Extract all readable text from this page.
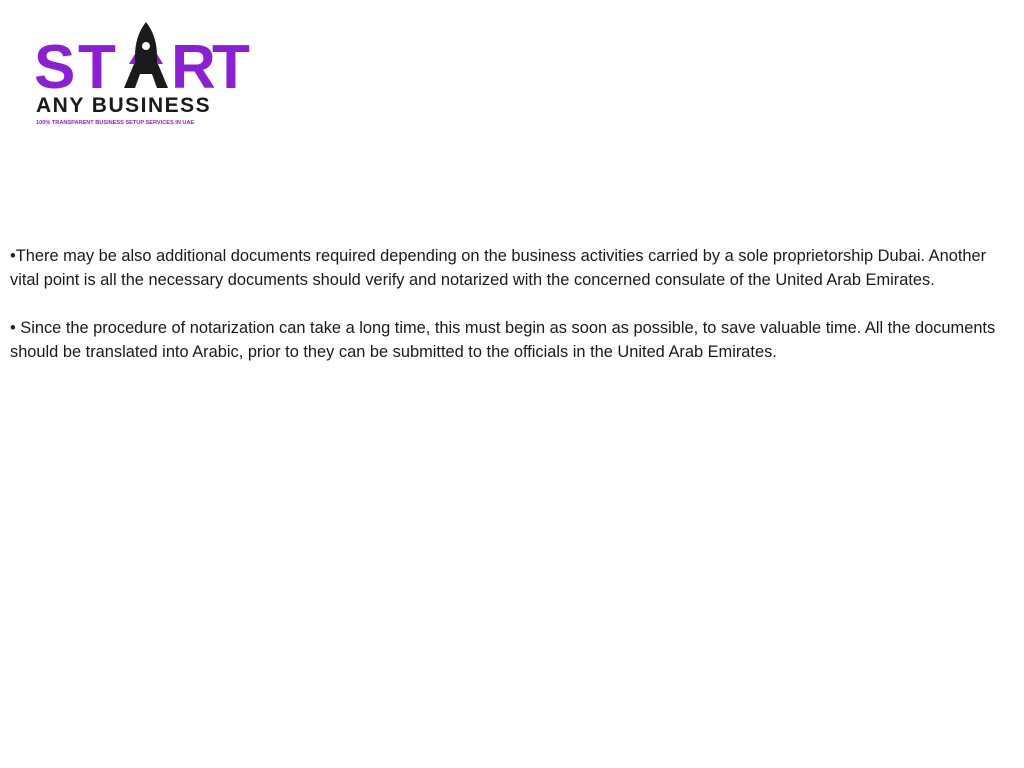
S T R
T
ANY BUSINESS
100% TRANSPARENT BUSINESS SETUP SERVICES IN UAE

•There may be also additional documents required depending on the business activities carried by a sole proprietorship Dubai. Another vital point is all the necessary documents should verify and notarized with the concerned consulate of the United Arab Emirates.

• Since the procedure of notarization can take a long time, this must begin as soon as possible, to save valuable time. All the documents should be translated into Arabic, prior to they can be submitted to the officials in the United Arab Emirates.
